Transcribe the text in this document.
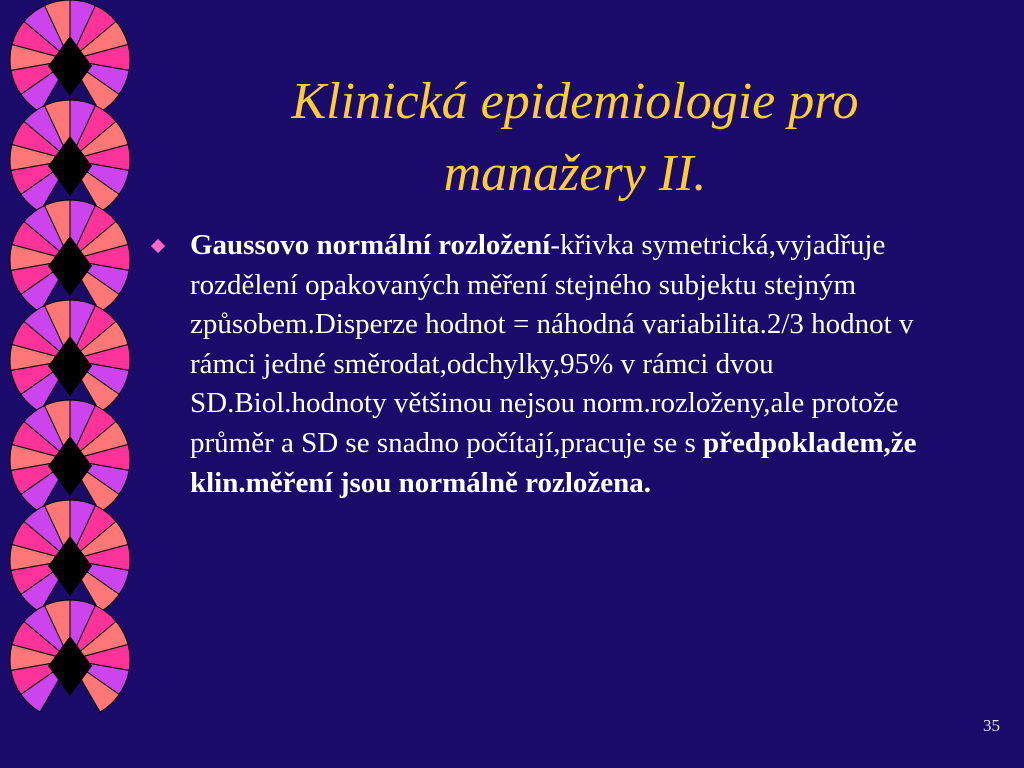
Klinická epidemiologie pro
manažery II.
Gaussovo normální rozložení-křivka symetrická,vyjadřuje rozdělení opakovaných měření stejného subjektu stejným způsobem.Disperze hodnot = náhodná variabilita.2/3 hodnot v rámci jedné směrodat,odchylky,95% v rámci dvou SD.Biol.hodnoty většinou nejsou norm.rozloženy,ale protože průměr a SD se snadno počítají,pracuje se s předpokladem,že klin.měření jsou normálně rozložena.
35
